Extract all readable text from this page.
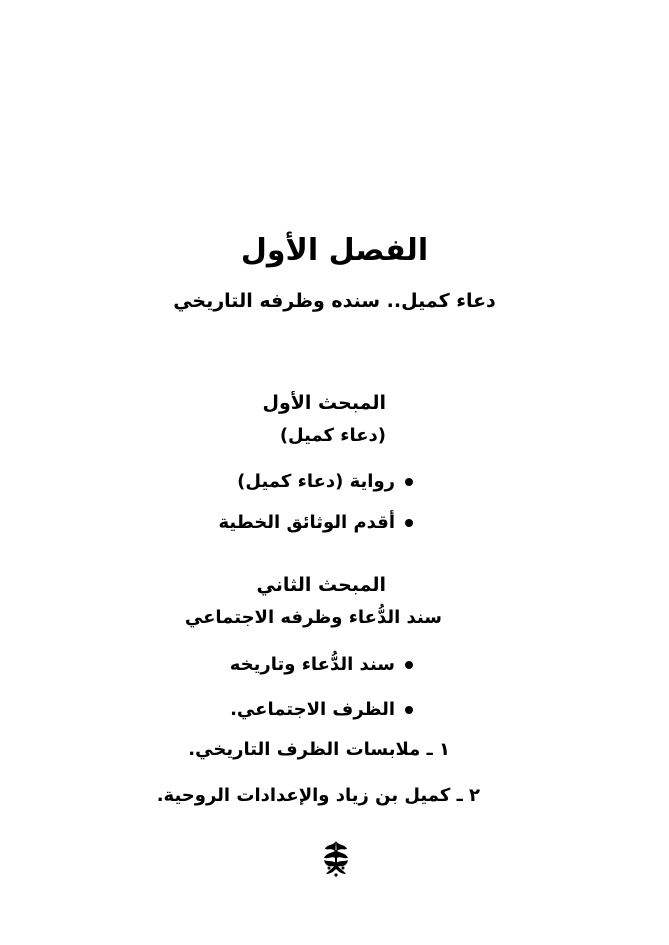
الفصل الأول
دعاء كميل.. سنده وظرفه التاريخي
المبحث الأول
(دعاء كميل)
رواية (دعاء كميل)
أقدم الوثائق الخطية
المبحث الثاني
سند الدُّعاء وظرفه الاجتماعي
سند الدُّعاء وتاريخه
الظرف الاجتماعي.
١ ـ ملابسات الظرف التاريخي.
٢ ـ كميل بن زياد والإعدادات الروحية.
